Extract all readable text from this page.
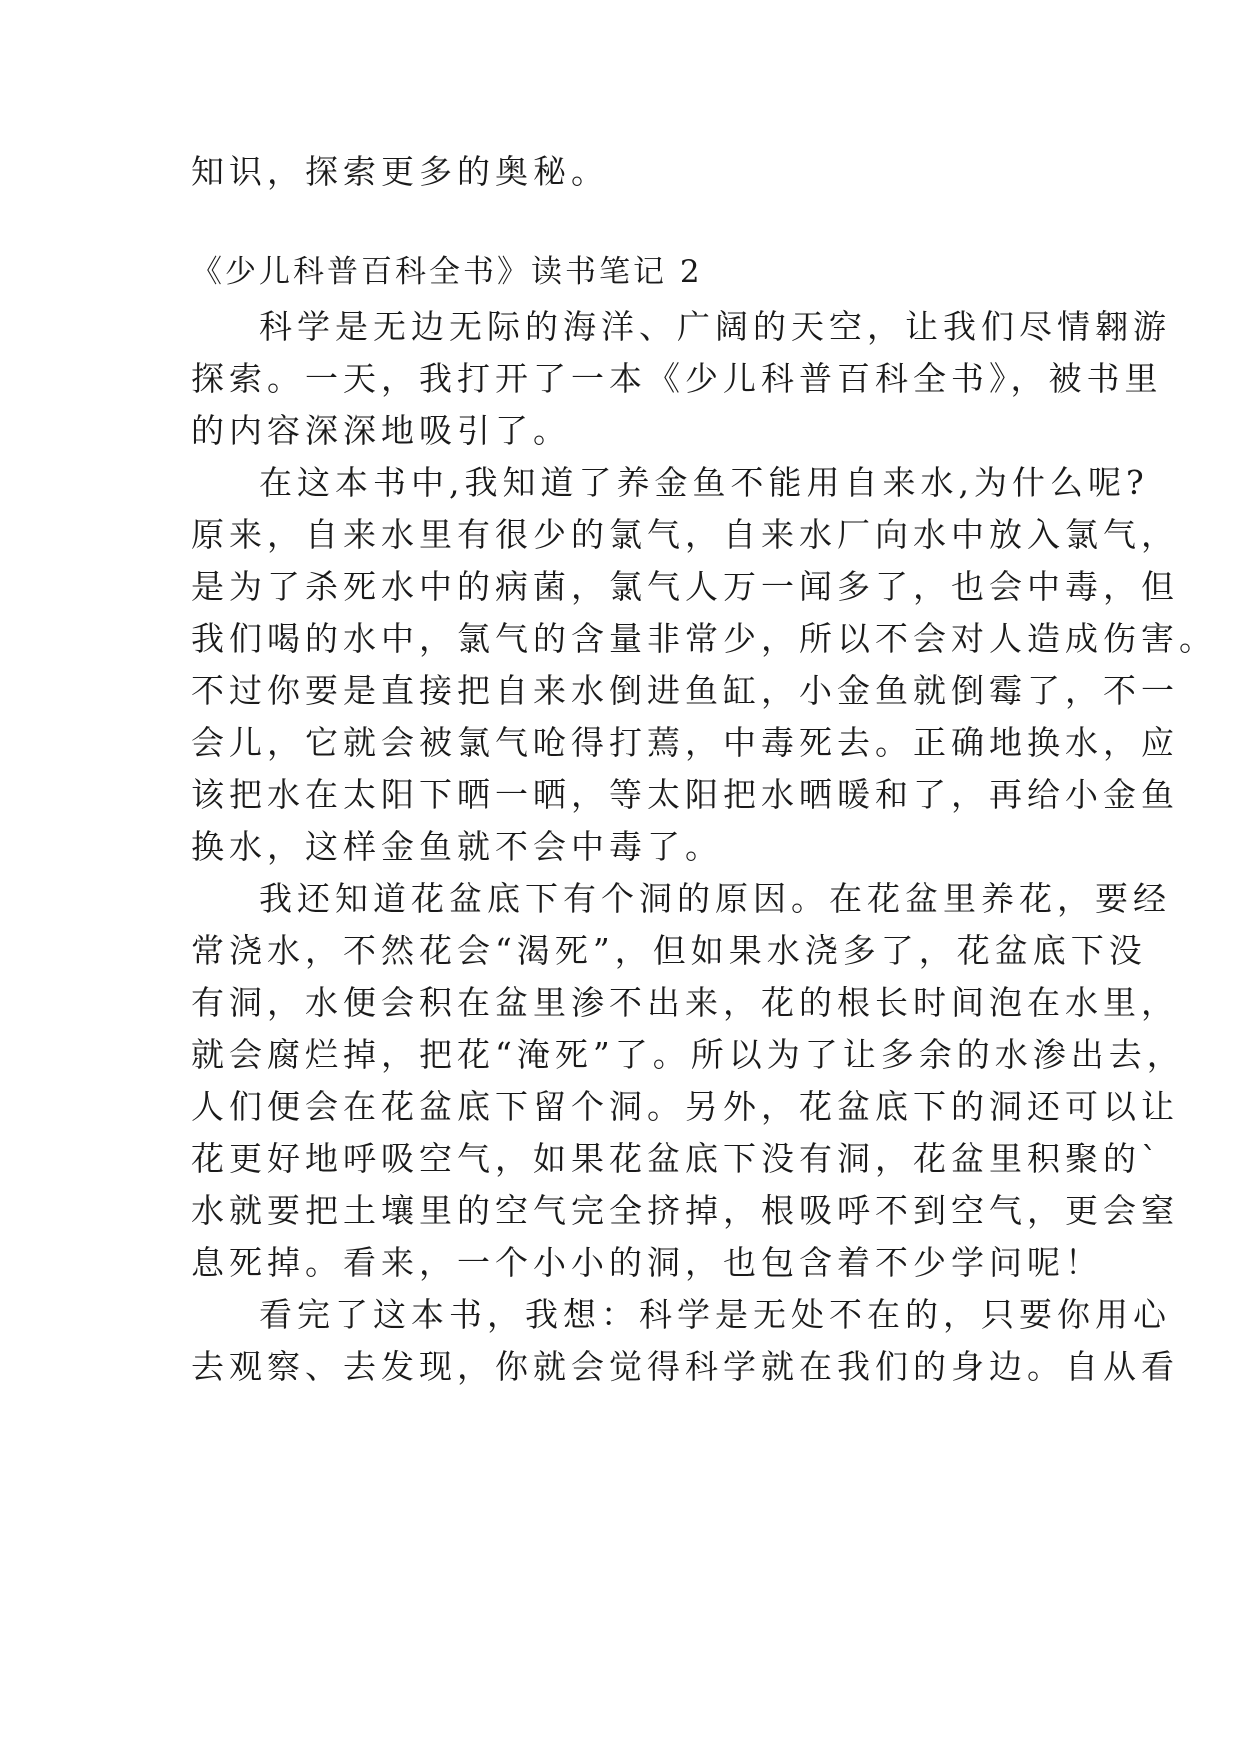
知识，探索更多的奥秘。
《少儿科普百科全书》读书笔记 2
科学是无边无际的海洋、广阔的天空，让我们尽情翱游
探索。一天，我打开了一本《少儿科普百科全书》，被书里
的内容深深地吸引了。
在这本书中,我知道了养金鱼不能用自来水,为什么呢?
原来，自来水里有很少的氯气，自来水厂向水中放入氯气，
是为了杀死水中的病菌，氯气人万一闻多了，也会中毒，但
我们喝的水中，氯气的含量非常少，所以不会对人造成伤害。
不过你要是直接把自来水倒进鱼缸，小金鱼就倒霉了，不一
会儿，它就会被氯气呛得打蔫，中毒死去。正确地换水，应
该把水在太阳下晒一晒，等太阳把水晒暖和了，再给小金鱼
换水，这样金鱼就不会中毒了。
我还知道花盆底下有个洞的原因。在花盆里养花，要经
常浇水，不然花会“渴死”，但如果水浇多了，花盆底下没
有洞，水便会积在盆里渗不出来，花的根长时间泡在水里，
就会腐烂掉，把花“淹死”了。所以为了让多余的水渗出去，
人们便会在花盆底下留个洞。另外，花盆底下的洞还可以让
花更好地呼吸空气，如果花盆底下没有洞，花盆里积聚的`
水就要把土壤里的空气完全挤掉，根吸呼不到空气，更会窒
息死掉。看来，一个小小的洞，也包含着不少学问呢！
看完了这本书，我想：科学是无处不在的，只要你用心
去观察、去发现，你就会觉得科学就在我们的身边。自从看
